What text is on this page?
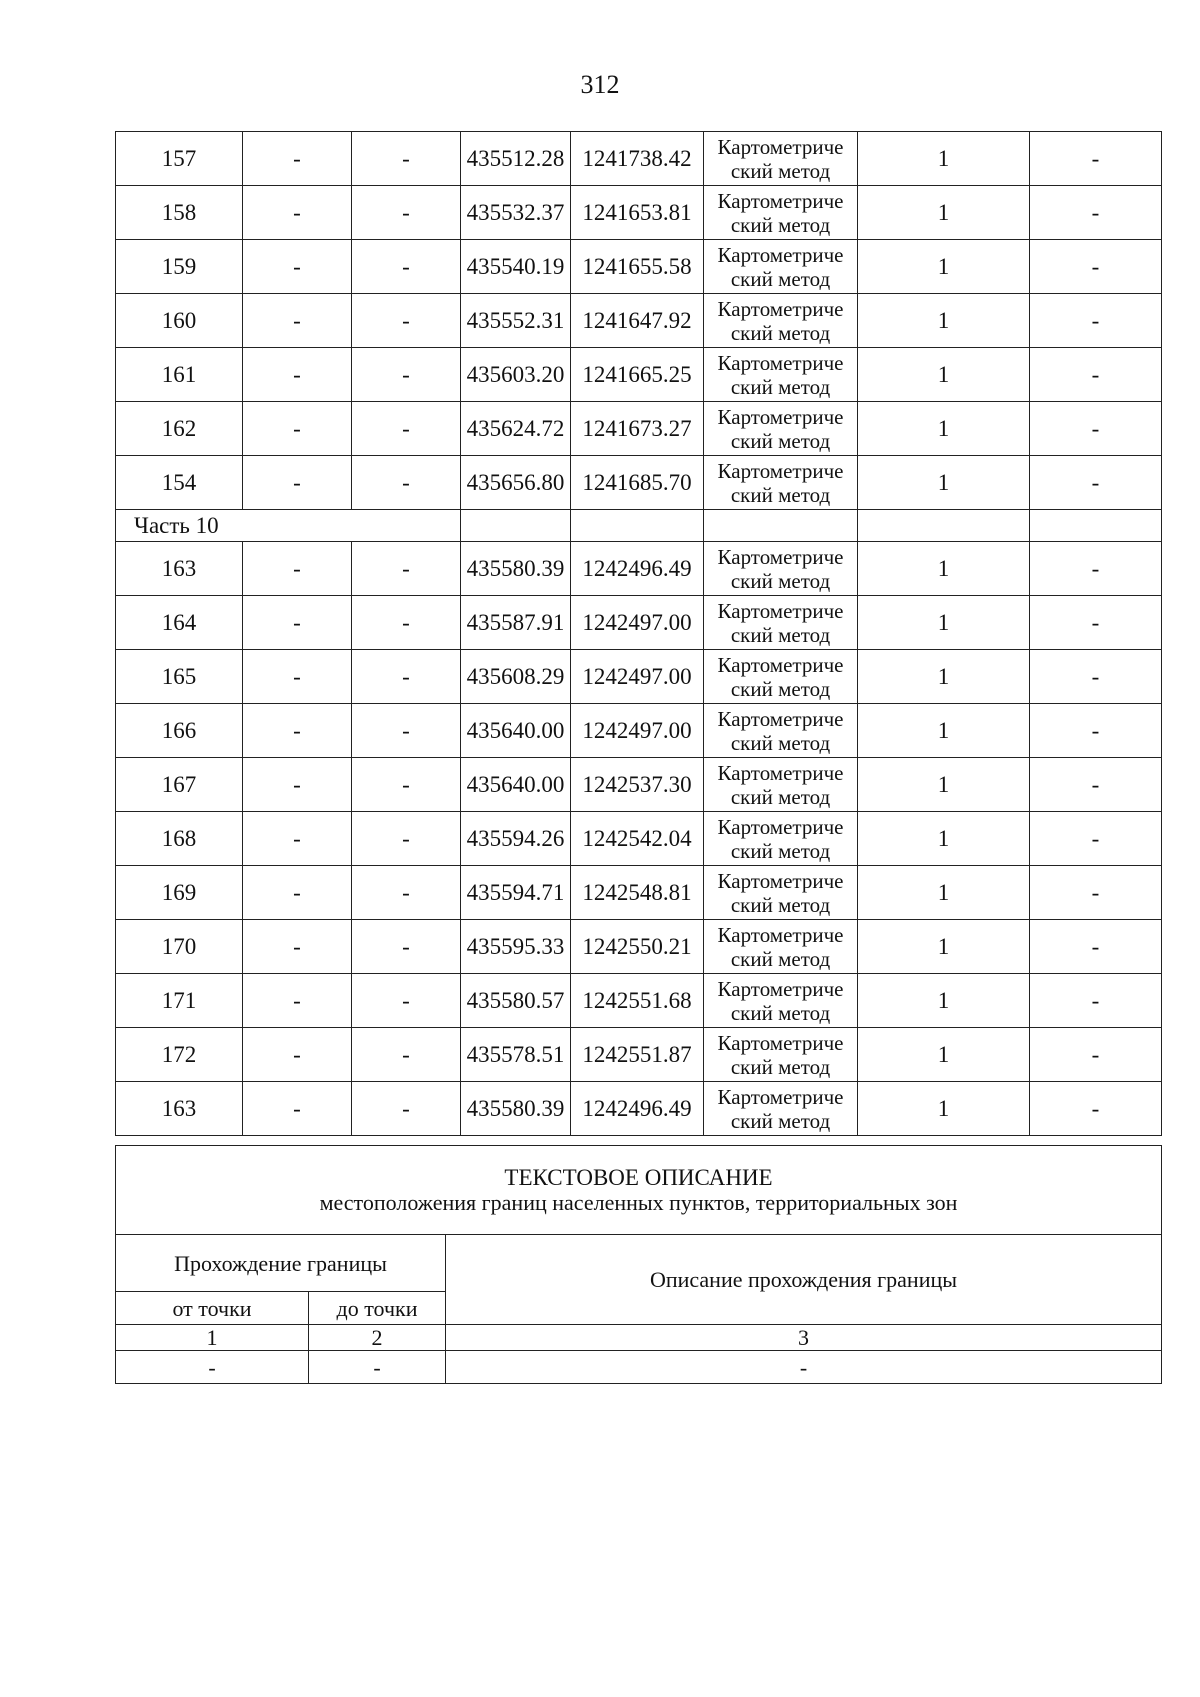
312
157	-	-	435512.28	1241738.42	Картометриче ский метод	1	-
158	-	-	435532.37	1241653.81	Картометриче ский метод	1	-
159	-	-	435540.19	1241655.58	Картометриче ский метод	1	-
160	-	-	435552.31	1241647.92	Картометриче ский метод	1	-
161	-	-	435603.20	1241665.25	Картометриче ский метод	1	-
162	-	-	435624.72	1241673.27	Картометриче ский метод	1	-
154	-	-	435656.80	1241685.70	Картометриче ский метод	1	-
Часть 10							
163	-	-	435580.39	1242496.49	Картометриче ский метод	1	-
164	-	-	435587.91	1242497.00	Картометриче ский метод	1	-
165	-	-	435608.29	1242497.00	Картометриче ский метод	1	-
166	-	-	435640.00	1242497.00	Картометриче ский метод	1	-
167	-	-	435640.00	1242537.30	Картометриче ский метод	1	-
168	-	-	435594.26	1242542.04	Картометриче ский метод	1	-
169	-	-	435594.71	1242548.81	Картометриче ский метод	1	-
170	-	-	435595.33	1242550.21	Картометриче ский метод	1	-
171	-	-	435580.57	1242551.68	Картометриче ский метод	1	-
172	-	-	435578.51	1242551.87	Картометриче ский метод	1	-
163	-	-	435580.39	1242496.49	Картометриче ский метод	1	-
ТЕКСТОВОЕ ОПИСАНИЕ
местоположения границ населенных пунктов, территориальных зон		

Прохождение границы		Описание прохождения границы
от точки	до точки	
1	2	3
-	-	-
